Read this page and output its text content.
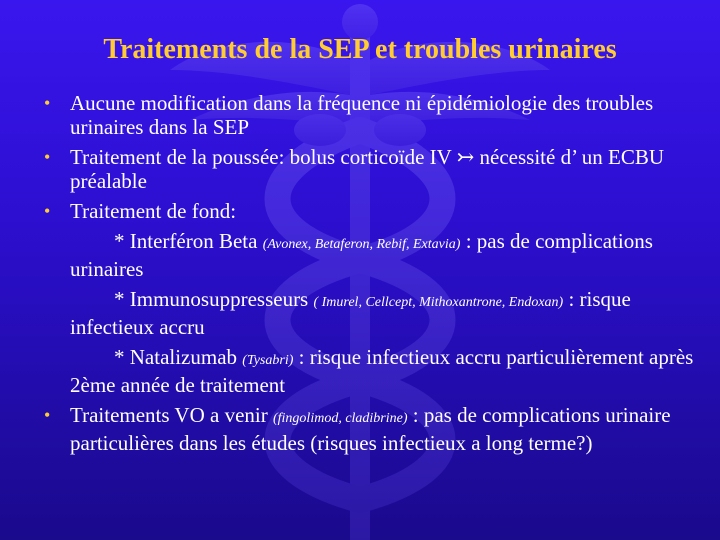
Traitements de la SEP et troubles urinaires
• Aucune modification dans la fréquence ni épidémiologie des troubles urinaires dans la SEP
• Traitement de la poussée: bolus corticoïde IV ↣ nécessité d’ un ECBU préalable
• Traitement de fond:
* Interféron Beta (Avonex, Betaferon, Rebif, Extavia) : pas de complications urinaires
* Immunosuppresseurs ( Imurel, Cellcept, Mithoxantrone, Endoxan) : risque infectieux accru
* Natalizumab (Tysabri) : risque infectieux accru particulièrement après 2ème année de traitement
• Traitements VO a venir (fingolimod, cladibrine) : pas de complications urinaire particulières dans les études (risques infectieux a long terme?)
